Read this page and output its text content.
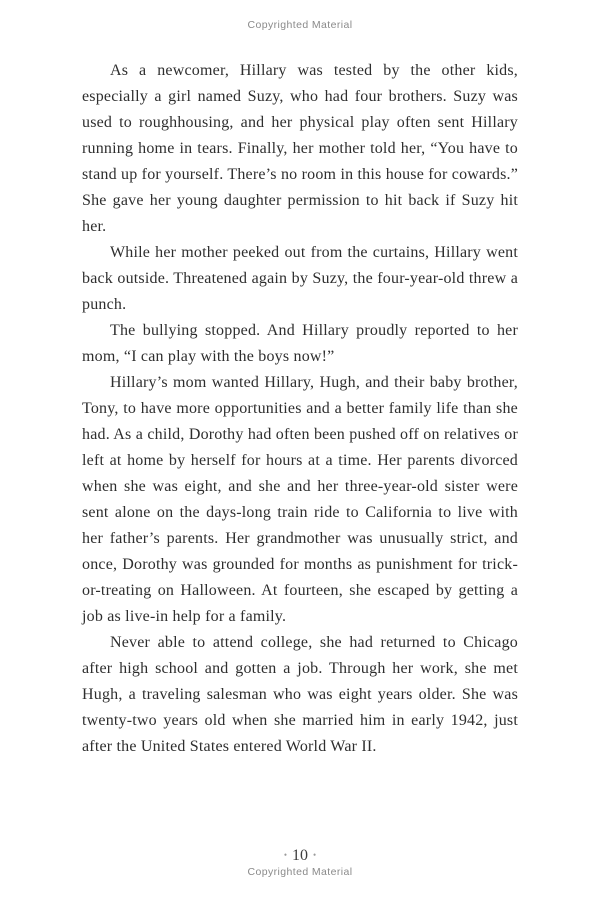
Copyrighted Material

As a newcomer, Hillary was tested by the other kids, especially a girl named Suzy, who had four brothers. Suzy was used to roughhousing, and her physical play often sent Hillary running home in tears. Finally, her mother told her, “You have to stand up for yourself. There’s no room in this house for cowards.” She gave her young daughter permission to hit back if Suzy hit her.

While her mother peeked out from the curtains, Hillary went back outside. Threatened again by Suzy, the four-year-old threw a punch.

The bullying stopped. And Hillary proudly reported to her mom, “I can play with the boys now!”

Hillary’s mom wanted Hillary, Hugh, and their baby brother, Tony, to have more opportunities and a better family life than she had. As a child, Dorothy had often been pushed off on relatives or left at home by herself for hours at a time. Her parents divorced when she was eight, and she and her three-year-old sister were sent alone on the days-long train ride to California to live with her father’s parents. Her grandmother was unusually strict, and once, Dorothy was grounded for months as punishment for trick-or-treating on Halloween. At fourteen, she escaped by getting a job as live-in help for a family.

Never able to attend college, she had returned to Chicago after high school and gotten a job. Through her work, she met Hugh, a traveling salesman who was eight years older. She was twenty-two years old when she married him in early 1942, just after the United States entered World War II.

• 10 •
Copyrighted Material
